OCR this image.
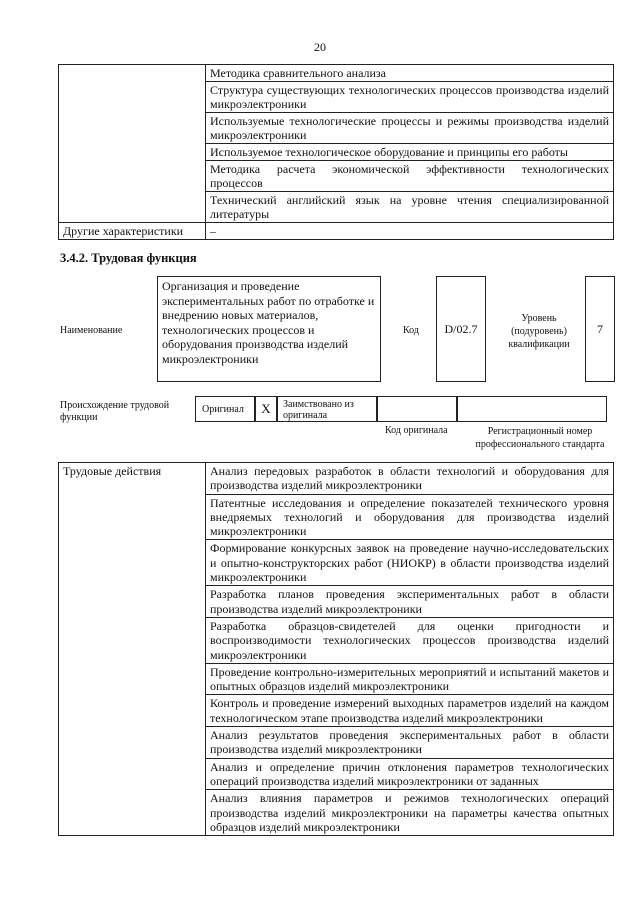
20
	Методика сравнительного анализа
	Структура существующих технологических процессов производства изделий микроэлектроники
	Используемые технологические процессы и режимы производства изделий микроэлектроники
	Используемое технологическое оборудование и принципы его работы
	Методика расчета экономической эффективности технологических процессов
	Технический английский язык на уровне чтения специализированной литературы
Другие характеристики	–
3.4.2. Трудовая функция
Наименование
Организация и проведение экспериментальных работ по отработке и внедрению новых материалов, технологических процессов и оборудования производства изделий микроэлектроники
Код	D/02.7
Уровень (подуровень) квалификации
7
Происхождение трудовой функции
Оригинал	X	Заимствовано из оригинала
Код оригинала	Регистрационный номер профессионального стандарта
Трудовые действия	Анализ передовых разработок в области технологий и оборудования для производства изделий микроэлектроники
Патентные исследования и определение показателей технического уровня внедряемых технологий и оборудования для производства изделий микроэлектроники
Формирование конкурсных заявок на проведение научно-исследовательских и опытно-конструкторских работ (НИОКР) в области производства изделий микроэлектроники
Разработка планов проведения экспериментальных работ в области производства изделий микроэлектроники
Разработка образцов-свидетелей для оценки пригодности и воспроизводимости технологических процессов производства изделий микроэлектроники
Проведение контрольно-измерительных мероприятий и испытаний макетов и опытных образцов изделий микроэлектроники
Контроль и проведение измерений выходных параметров изделий на каждом технологическом этапе производства изделий микроэлектроники
Анализ результатов проведения экспериментальных работ в области производства изделий микроэлектроники
Анализ и определение причин отклонения параметров технологических операций производства изделий микроэлектроники от заданных
Анализ влияния параметров и режимов технологических операций производства изделий микроэлектроники на параметры качества опытных образцов изделий микроэлектроники
